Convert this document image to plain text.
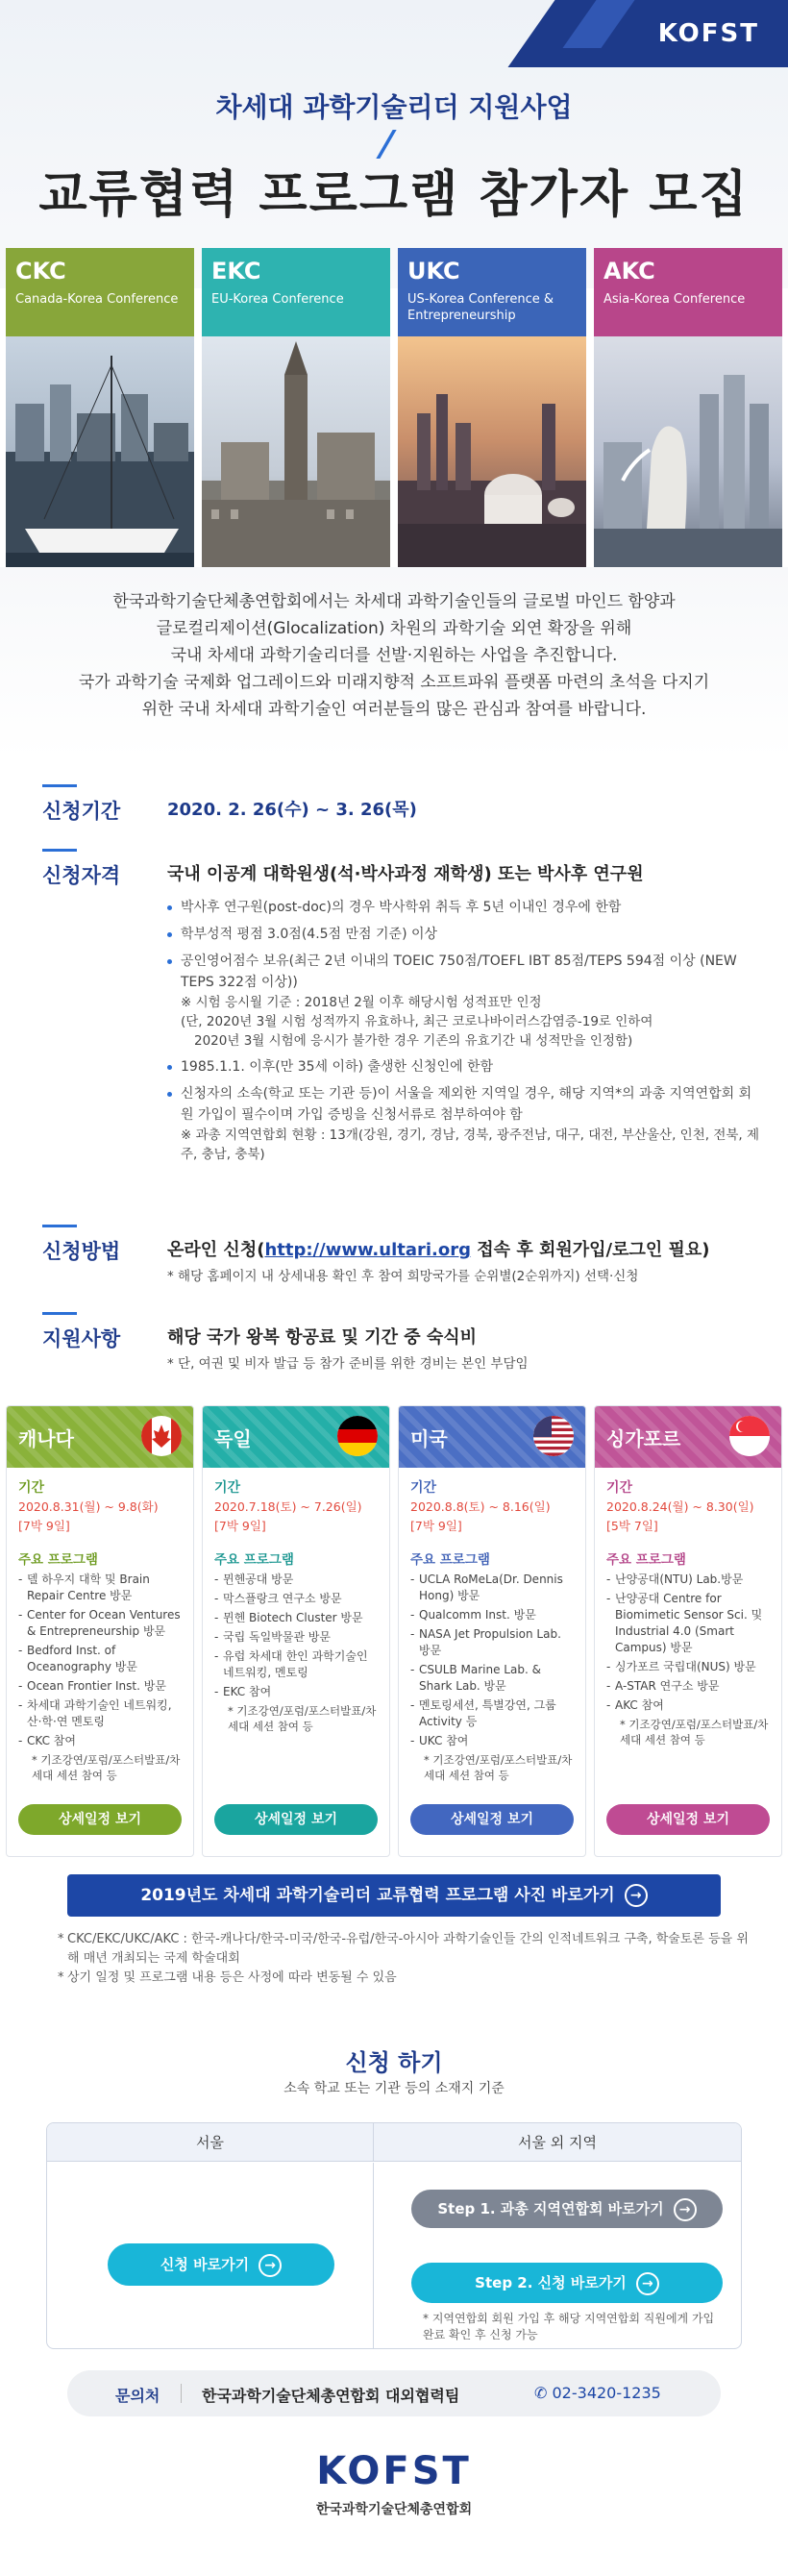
KOFST
차세대 과학기술리더 지원사업
교류협력 프로그램 참가자 모집
CKC
Canada-Korea Conference
EKC
EU-Korea Conference
UKC
US-Korea Conference & Entrepreneurship
AKC
Asia-Korea Conference
한국과학기술단체총연합회에서는 차세대 과학기술인들의 글로벌 마인드 함양과
글로컬리제이션(Glocalization) 차원의 과학기술 외연 확장을 위해
국내 차세대 과학기술리더를 선발·지원하는 사업을 추진합니다.
국가 과학기술 국제화 업그레이드와 미래지향적 소프트파워 플랫폼 마련의 초석을 다지기
위한 국내 차세대 과학기술인 여러분들의 많은 관심과 참여를 바랍니다.
신청기간	2020. 2. 26(수) ~ 3. 26(목)
신청자격	국내 이공계 대학원생(석·박사과정 재학생) 또는 박사후 연구원
박사후 연구원(post-doc)의 경우 박사학위 취득 후 5년 이내인 경우에 한함
학부성적 평점 3.0점(4.5점 만점 기준) 이상
공인영어점수 보유(최근 2년 이내의 TOEIC 750점/TOEFL IBT 85점/TEPS 594점 이상 (NEW TEPS 322점 이상))
※ 시험 응시월 기준 : 2018년 2월 이후 해당시험 성적표만 인정
(단, 2020년 3월 시험 성적까지 유효하나, 최근 코로나바이러스감염증-19로 인하여
2020년 3월 시험에 응시가 불가한 경우 기존의 유효기간 내 성적만을 인정함)
1985.1.1. 이후(만 35세 이하) 출생한 신청인에 한함
신청자의 소속(학교 또는 기관 등)이 서울을 제외한 지역일 경우, 해당 지역*의 과총 지역연합회 회원 가입이 필수이며 가입 증빙을 신청서류로 첨부하여야 함
※ 과총 지역연합회 현황 : 13개(강원, 경기, 경남, 경북, 광주전남, 대구, 대전, 부산울산, 인천, 전북, 제주, 충남, 충북)
신청방법	온라인 신청(http://www.ultari.org 접속 후 회원가입/로그인 필요)
* 해당 홈페이지 내 상세내용 확인 후 참여 희망국가를 순위별(2순위까지) 선택·신청
지원사항	해당 국가 왕복 항공료 및 기간 중 숙식비
* 단, 여권 및 비자 발급 등 참가 준비를 위한 경비는 본인 부담임
캐나다
기간
2020.8.31(월) ~ 9.8(화)
[7박 9일]
주요 프로그램
- 델 하우지 대학 및 Brain Repair Centre 방문
- Center for Ocean Ventures & Entrepreneurship 방문
- Bedford Inst. of Oceanography 방문
- Ocean Frontier Inst. 방문
- 차세대 과학기술인 네트워킹, 산·학·연 멘토링
- CKC 참여
* 기조강연/포럼/포스터발표/차세대 세션 참여 등
상세일정 보기
독일
기간
2020.7.18(토) ~ 7.26(일)
[7박 9일]
주요 프로그램
- 뮌헨공대 방문
- 막스플랑크 연구소 방문
- 뮌헨 Biotech Cluster 방문
- 국립 독일박물관 방문
- 유럽 차세대 한인 과학기술인 네트워킹, 멘토링
- EKC 참여
* 기조강연/포럼/포스터발표/차세대 세션 참여 등
상세일정 보기
미국
기간
2020.8.8(토) ~ 8.16(일)
[7박 9일]
주요 프로그램
- UCLA RoMeLa(Dr. Dennis Hong) 방문
- Qualcomm Inst. 방문
- NASA Jet Propulsion Lab. 방문
- CSULB Marine Lab. & Shark Lab. 방문
- 멘토링세션, 특별강연, 그룹 Activity 등
- UKC 참여
* 기조강연/포럼/포스터발표/차세대 세션 참여 등
상세일정 보기
싱가포르
기간
2020.8.24(월) ~ 8.30(일)
[5박 7일]
주요 프로그램
- 난양공대(NTU) Lab.방문
- 난양공대 Centre for Biomimetic Sensor Sci. 및 Industrial 4.0 (Smart Campus) 방문
- 싱가포르 국립대(NUS) 방문
- A-STAR 연구소 방문
- AKC 참여
* 기조강연/포럼/포스터발표/차세대 세션 참여 등
상세일정 보기
2019년도 차세대 과학기술리더 교류협력 프로그램 사진 바로가기 →

* CKC/EKC/UKC/AKC : 한국-캐나다/한국-미국/한국-유럽/한국-아시아 과학기술인들 간의 인적네트워크 구축, 학술토론 등을 위해 매년 개최되는 국제 학술대회

* 상기 일정 및 프로그램 내용 등은 사정에 따라 변동될 수 있음

신청 하기
소속 학교 또는 기관 등의 소재지 기준
서울	서울 외 지역
신청 바로가기 →
Step 1. 과총 지역연합회 바로가기 →
Step 2. 신청 바로가기 →
* 지역연합회 회원 가입 후 해당 지역연합회 직원에게 가입완료 확인 후 신청 가능
문의처	한국과학기술단체총연합회 대외협력팀	✆ 02-3420-1235
KOFST
한국과학기술단체총연합회
